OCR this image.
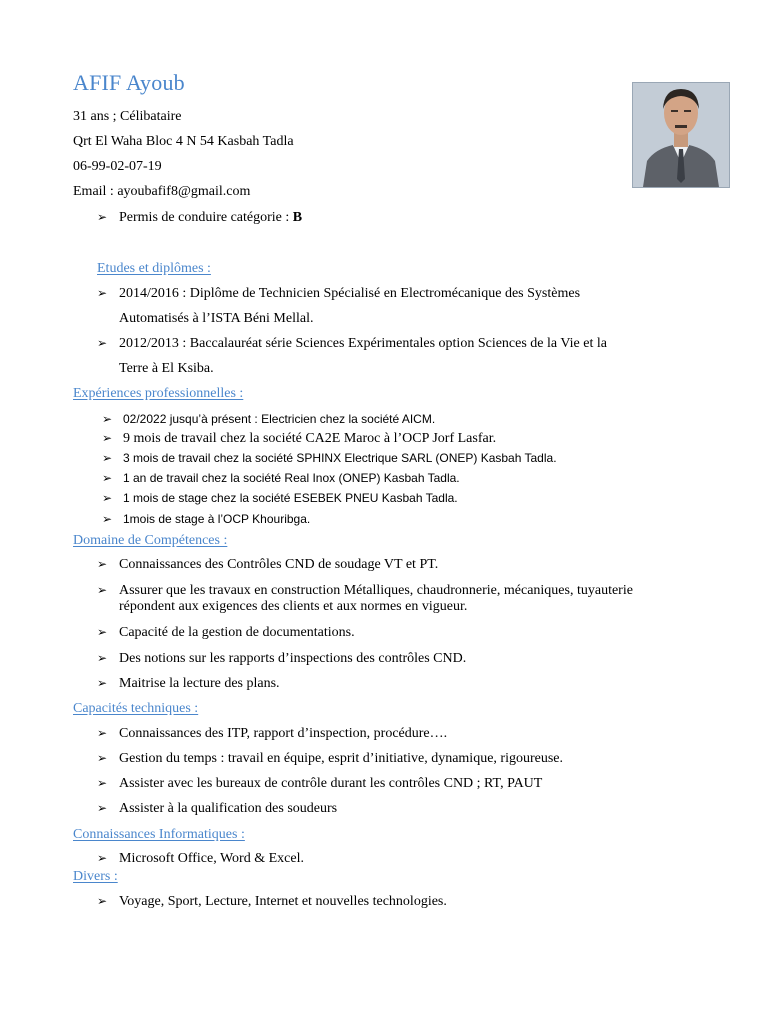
AFIF Ayoub
31 ans ; Célibataire
Qrt El Waha Bloc 4 N 54 Kasbah Tadla
06-99-02-07-19
Email : ayoubafif8@gmail.com
➢ Permis de conduire catégorie : B
Etudes et diplômes :
➢ 2014/2016 : Diplôme de Technicien Spécialisé en Electromécanique des Systèmes
Automatisés à l’ISTA Béni Mellal.
➢ 2012/2013 : Baccalauréat série Sciences Expérimentales option Sciences de la Vie et la
Terre à El Ksiba.
Expériences professionnelles :
➢ 02/2022 jusqu’à présent : Electricien chez la société AICM.
➢ 9 mois de travail chez la société CA2E Maroc à l’OCP Jorf Lasfar.
➢ 3 mois de travail chez la société SPHINX Electrique SARL (ONEP) Kasbah Tadla.
➢ 1 an de travail chez la société Real Inox (ONEP) Kasbah Tadla.
➢ 1 mois de stage chez la société ESEBEK PNEU Kasbah Tadla.
➢ 1mois de stage à l’OCP Khouribga.
Domaine de Compétences :
➢ Connaissances des Contrôles CND de soudage VT et PT.
➢ Assurer que les travaux en construction Métalliques, chaudronnerie, mécaniques, tuyauterie
répondent aux exigences des clients et aux normes en vigueur.
➢ Capacité de la gestion de documentations.
➢ Des notions sur les rapports d’inspections des contrôles CND.
➢ Maitrise la lecture des plans.
Capacités techniques :
➢ Connaissances des ITP, rapport d’inspection, procédure….
➢ Gestion du temps : travail en équipe, esprit d’initiative, dynamique, rigoureuse.
➢ Assister avec les bureaux de contrôle durant les contrôles CND ; RT, PAUT
➢ Assister à la qualification des soudeurs
Connaissances Informatiques :
➢ Microsoft Office, Word & Excel.
Divers :
➢ Voyage, Sport, Lecture, Internet et nouvelles technologies.
